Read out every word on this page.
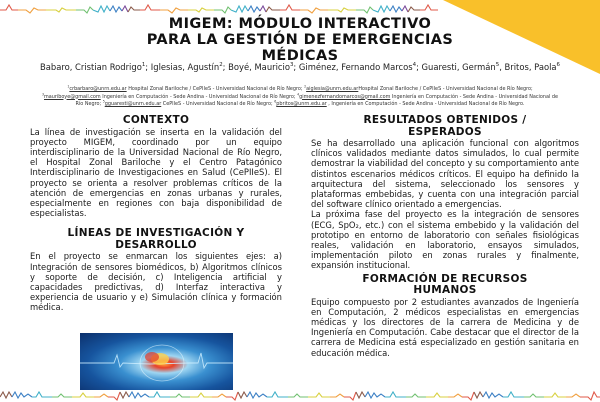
MIGEM: MÓDULO INTERACTIVO
PARA LA GESTIÓN DE EMERGENCIAS
MÉDICAS
Babaro, Cristian Rodrigo$^1$; Iglesias, Agustín$^2$; Boyé, Mauricio$^3$; Giménez, Fernando Marcos$^4$; Guaresti, Germán$^5$, Britos, Paola$^6$
$^1$crbarbaro@unrn.edu.ar Hospital Zonal Bariloche / CePIIeS - Universidad Nacional de Río Negro; $^2$aiglesia@unrn.edu.arHospital Zonal Bariloche / CePIIeS - Universidad Nacional de Río Negro; $^3$mauriboye@gmail.com Ingeniería en Computación - Sede Andina - Universidad Nacional de Río Negro; $^4$gimenezfernandomarcos@gmail.com Ingeniería en Computación - Sede Andina - Universidad Nacional de Río Negro; $^5$gguaresti@unrn.edu.ar CePIIeS - Universidad Nacional de Río Negro; $^6$pbritos@unrn.edu.ar , Ingeniería en Computación - Sede Andina - Universidad Nacional de Río Negro.
CONTEXTO

La línea de investigación se inserta en la validación del proyecto MIGEM, coordinado por un equipo interdisciplinario de la Universidad Nacional de Río Negro, el Hospital Zonal Bariloche y el Centro Patagónico Interdisciplinario de Investigaciones en Salud (CePIIeS). El proyecto se orienta a resolver problemas críticos de la atención de emergencias en zonas urbanas y rurales, especialmente en regiones con baja disponibilidad de especialistas.

LÍNEAS DE INVESTIGACIÓN Y
DESARROLLO

En el proyecto se enmarcan los siguientes ejes: a) Integración de sensores biomédicos, b) Algoritmos clínicos y soporte de decisión, c) Inteligencia artificial y capacidades predictivas, d) Interfaz interactiva y experiencia de usuario y e) Simulación clínica y formación médica.

RESULTADOS OBTENIDOS /
ESPERADOS

Se ha desarrollado una aplicación funcional con algoritmos clínicos validados mediante datos simulados, lo cual permite demostrar la viabilidad del concepto y su comportamiento ante distintos escenarios médicos críticos. El equipo ha definido la arquitectura del sistema, seleccionado los sensores y plataformas embebidas, y cuenta con una integración parcial del software clínico orientado a emergencias.

La próxima fase del proyecto es la integración de sensores (ECG, SpO₂, etc.) con el sistema embebido y la validación del prototipo en entorno de laboratorio con señales fisiológicas reales, validación en laboratorio, ensayos simulados, implementación piloto en zonas rurales y finalmente, expansión institucional.

FORMACIÓN DE RECURSOS
HUMANOS

Equipo compuesto por 2 estudiantes avanzados de Ingeniería en Computación, 2 médicos especialistas en emergencias médicas y los directores de la carrera de Medicina y de Ingeniería en Computación. Cabe destacar que el director de la carrera de Medicina está especializado en gestión sanitaria en educación médica.
